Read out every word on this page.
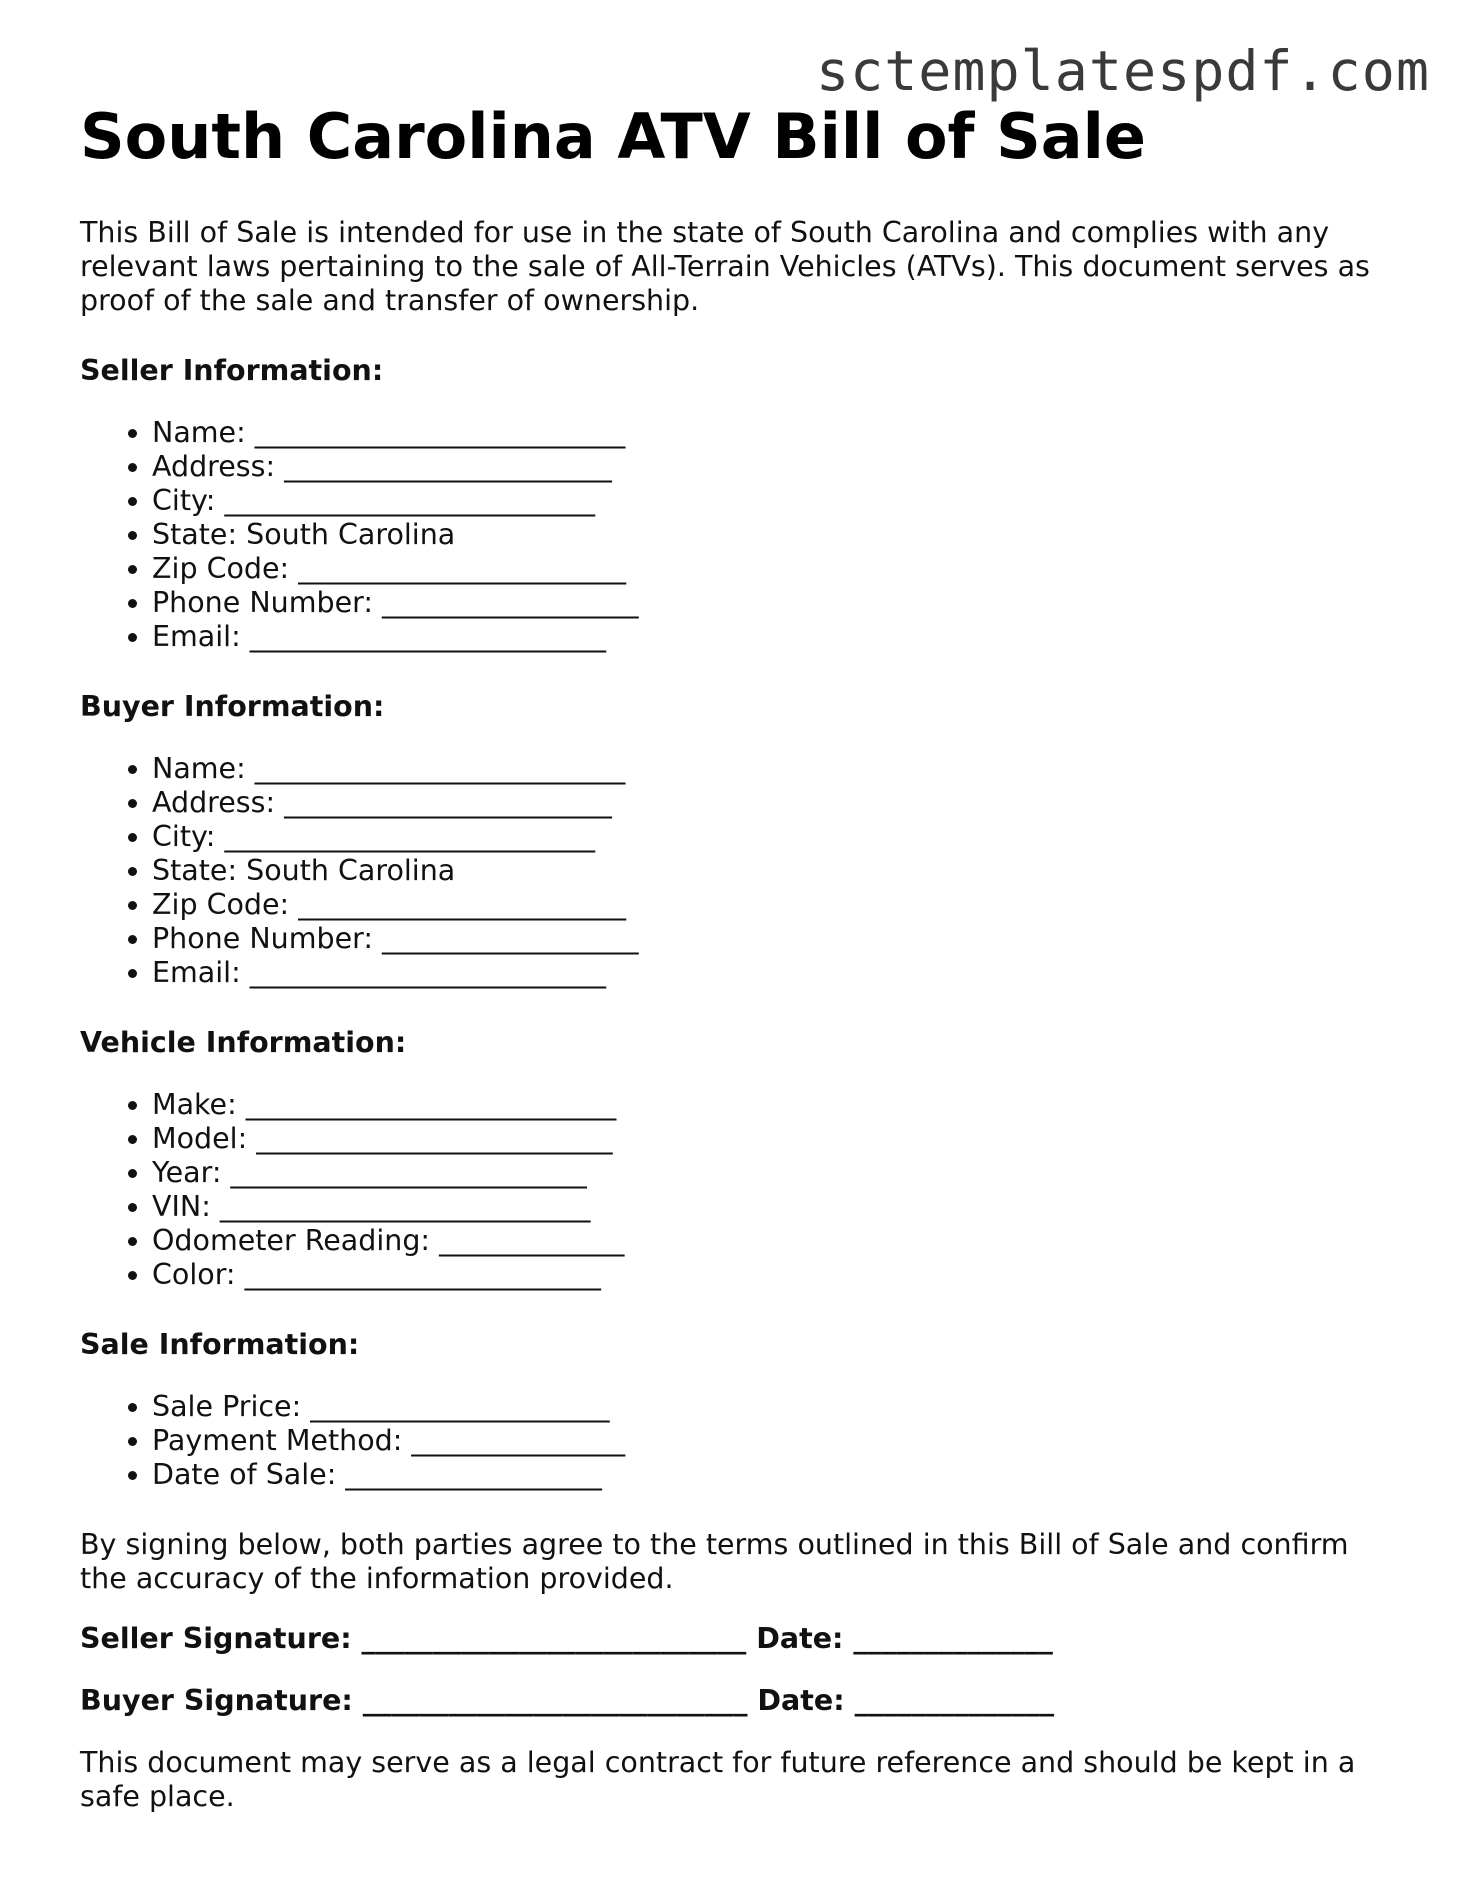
sctemplatespdf.com
South Carolina ATV Bill of Sale

This Bill of Sale is intended for use in the state of South Carolina and complies with any relevant laws pertaining to the sale of All-Terrain Vehicles (ATVs). This document serves as proof of the sale and transfer of ownership.

Seller Information:

• Name: __________________________
• Address: _______________________
• City: __________________________
• State: South Carolina
• Zip Code: _______________________
• Phone Number: __________________
• Email: _________________________

Buyer Information:

• Name: __________________________
• Address: _______________________
• City: __________________________
• State: South Carolina
• Zip Code: _______________________
• Phone Number: __________________
• Email: _________________________

Vehicle Information:

• Make: __________________________
• Model: _________________________
• Year: _________________________
• VIN: __________________________
• Odometer Reading: _____________
• Color: _________________________

Sale Information:

• Sale Price: _____________________
• Payment Method: _______________
• Date of Sale: __________________

By signing below, both parties agree to the terms outlined in this Bill of Sale and confirm the accuracy of the information provided.

Seller Signature: ___________________________ Date: ______________

Buyer Signature: ___________________________ Date: ______________

This document may serve as a legal contract for future reference and should be kept in a safe place.
